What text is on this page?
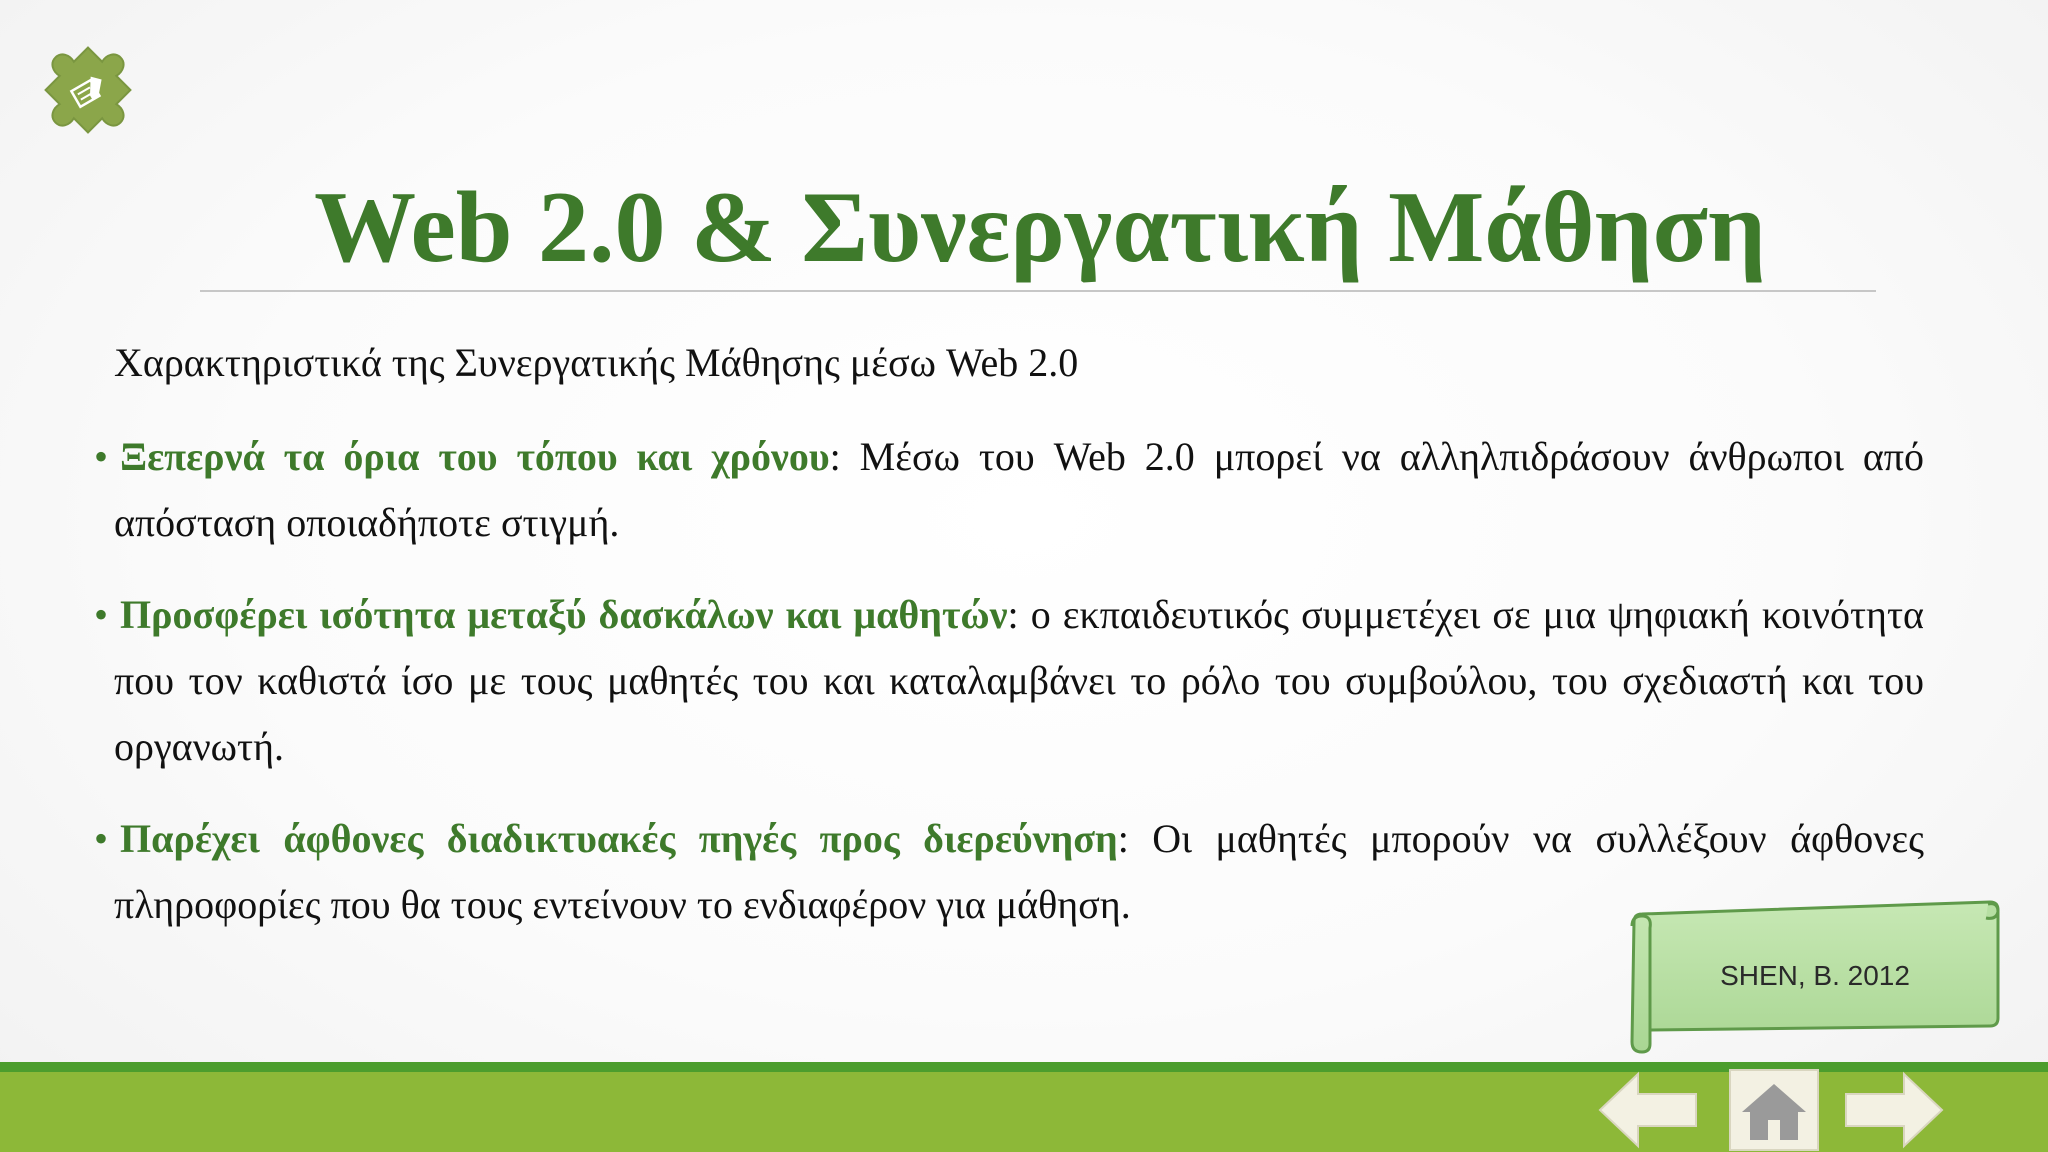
Web 2.0 & Συνεργατική Μάθηση
Χαρακτηριστικά της Συνεργατικής Μάθησης μέσω Web 2.0
• Ξεπερνά τα όρια του τόπου και χρόνου: Μέσω του Web 2.0 μπορεί να αλληλπιδράσουν άνθρωποι από απόσταση οποιαδήποτε στιγμή.
• Προσφέρει ισότητα μεταξύ δασκάλων και μαθητών: ο εκπαιδευτικός συμμετέχει σε μια ψηφιακή κοινότητα που τον καθιστά ίσο με τους μαθητές του και καταλαμβάνει το ρόλο του συμβούλου, του σχεδιαστή και του οργανωτή.
• Παρέχει άφθονες διαδικτυακές πηγές προς διερεύνηση: Οι μαθητές μπορούν να συλλέξουν άφθονες πληροφορίες που θα τους εντείνουν το ενδιαφέρον για μάθηση.
SHEN, B. 2012
